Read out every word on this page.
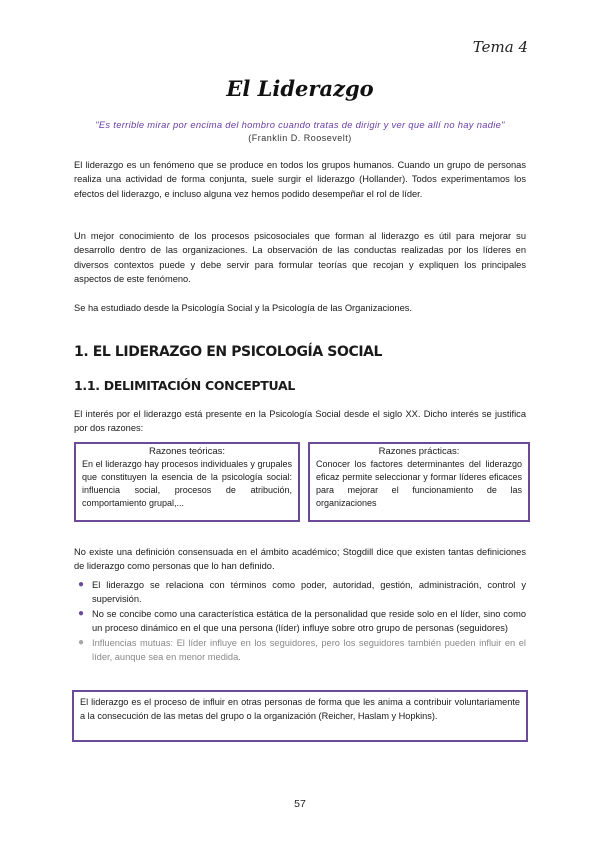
Tema 4
El Liderazgo
"Es terrible mirar por encima del hombro cuando tratas de dirigir y ver que allí no hay nadie"
(Franklin D. Roosevelt)

El liderazgo es un fenómeno que se produce en todos los grupos humanos. Cuando un grupo de personas realiza una actividad de forma conjunta, suele surgir el liderazgo (Hollander). Todos experimentamos los efectos del liderazgo, e incluso alguna vez hemos podido desempeñar el rol de líder.

Un mejor conocimiento de los procesos psicosociales que forman al liderazgo es útil para mejorar su desarrollo dentro de las organizaciones. La observación de las conductas realizadas por los líderes en diversos contextos puede y debe servir para formular teorías que recojan y expliquen los principales aspectos de este fenómeno.

Se ha estudiado desde la Psicología Social y la Psicología de las Organizaciones.

1. EL LIDERAZGO EN PSICOLOGÍA SOCIAL
1.1. DELIMITACIÓN CONCEPTUAL

El interés por el liderazgo está presente en la Psicología Social desde el siglo XX. Dicho interés se justifica por dos razones:

Razones teóricas:
En el liderazgo hay procesos individuales y grupales que constituyen la esencia de la psicología social: influencia social, procesos de atribución, comportamiento grupal,...
Razones prácticas:
Conocer los factores determinantes del liderazgo eficaz permite seleccionar y formar líderes eficaces para mejorar el funcionamiento de las organizaciones

No existe una definición consensuada en el ámbito académico; Stogdill dice que existen tantas definiciones de liderazgo como personas que lo han definido.

● El liderazgo se relaciona con términos como poder, autoridad, gestión, administración, control y supervisión.
● No se concibe como una característica estática de la personalidad que reside solo en el líder, sino como un proceso dinámico en el que una persona (líder) influye sobre otro grupo de personas (seguidores)
● Influencias mutuas: El líder influye en los seguidores, pero los seguidores también pueden influir en el líder, aunque sea en menor medida.
El liderazgo es el proceso de influir en otras personas de forma que les anima a contribuir voluntariamente a la consecución de las metas del grupo o la organización (Reicher, Haslam y Hopkins).
57
